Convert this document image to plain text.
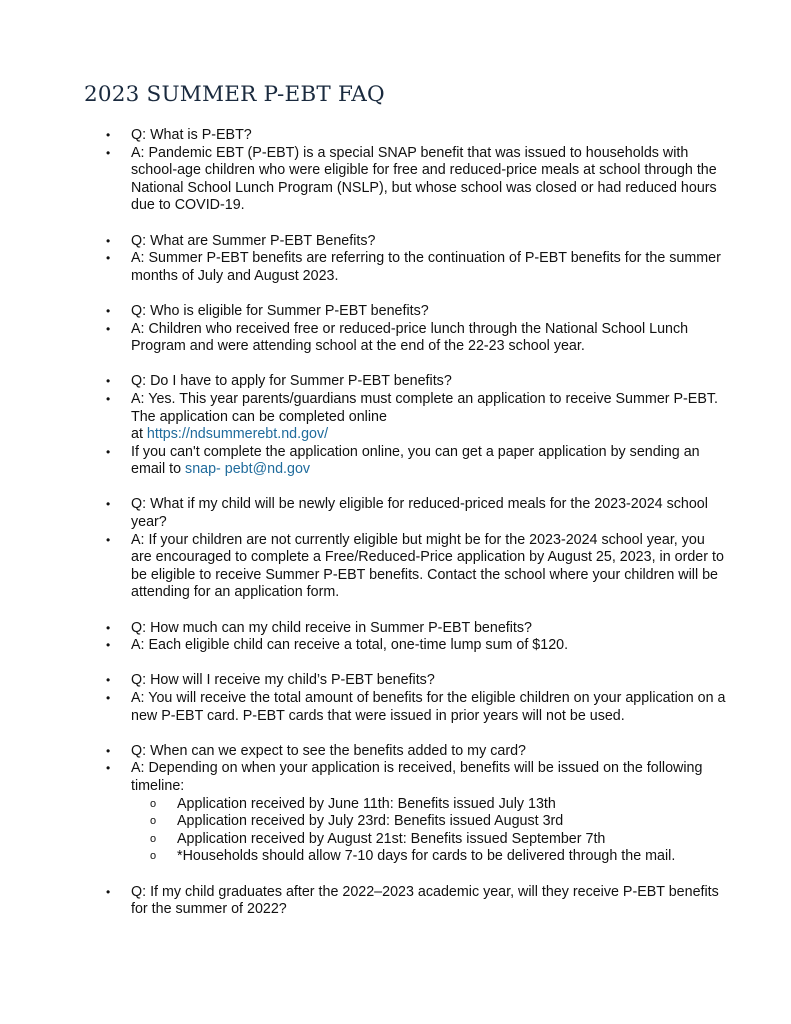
2023 SUMMER P-EBT FAQ
•	Q: What is P-EBT?
•	A: Pandemic EBT (P-EBT) is a special SNAP benefit that was issued to households with school-age children who were eligible for free and reduced-price meals at school through the National School Lunch Program (NSLP), but whose school was closed or had reduced hours due to COVID-19.
•	Q: What are Summer P-EBT Benefits?
•	A: Summer P-EBT benefits are referring to the continuation of P-EBT benefits for the summer months of July and August 2023.
•	Q: Who is eligible for Summer P-EBT benefits?
•	A: Children who received free or reduced-price lunch through the National School Lunch Program and were attending school at the end of the 22-23 school year.
•	Q: Do I have to apply for Summer P-EBT benefits?
•	A: Yes. This year parents/guardians must complete an application to receive Summer P-EBT. The application can be completed online
at https://ndsummerebt.nd.gov/
•	If you can't complete the application online, you can get a paper application by sending an email to snap- pebt@nd.gov
•	Q: What if my child will be newly eligible for reduced-priced meals for the 2023-2024 school year?
•	A: If your children are not currently eligible but might be for the 2023-2024 school year, you are encouraged to complete a Free/Reduced-Price application by August 25, 2023, in order to be eligible to receive Summer P-EBT benefits. Contact the school where your children will be attending for an application form.
•	Q: How much can my child receive in Summer P-EBT benefits?
•	A: Each eligible child can receive a total, one-time lump sum of $120.
•	Q: How will I receive my child’s P-EBT benefits?
•	A: You will receive the total amount of benefits for the eligible children on your application on a new P-EBT card. P-EBT cards that were issued in prior years will not be used.
•	Q: When can we expect to see the benefits added to my card?
•	A: Depending on when your application is received, benefits will be issued on the following timeline:
o Application received by June 11th: Benefits issued July 13th
o Application received by July 23rd: Benefits issued August 3rd
o Application received by August 21st: Benefits issued September 7th
o *Households should allow 7-10 days for cards to be delivered through the mail.
•	Q: If my child graduates after the 2022–2023 academic year, will they receive P-EBT benefits for the summer of 2022?
